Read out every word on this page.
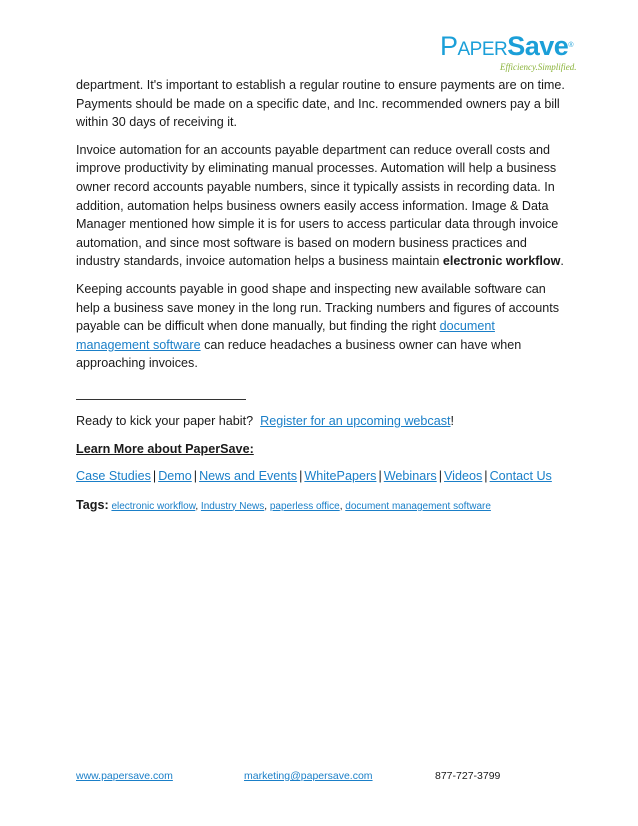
PaperSave®
Efficiency.Simplified.

department. It's important to establish a regular routine to ensure payments are on time. Payments should be made on a specific date, and Inc. recommended owners pay a bill within 30 days of receiving it.

Invoice automation for an accounts payable department can reduce overall costs and improve productivity by eliminating manual processes. Automation will help a business owner record accounts payable numbers, since it typically assists in recording data. In addition, automation helps business owners easily access information. Image & Data Manager mentioned how simple it is for users to access particular data through invoice automation, and since most software is based on modern business practices and industry standards, invoice automation helps a business maintain electronic workflow.

Keeping accounts payable in good shape and inspecting new available software can help a business save money in the long run. Tracking numbers and figures of accounts payable can be difficult when done manually, but finding the right document management software can reduce headaches a business owner can have when approaching invoices.

Ready to kick your paper habit?  Register for an upcoming webcast!

Learn More about PaperSave:

Case Studies | Demo | News and Events | WhitePapers | Webinars | Videos | Contact Us
Tags: electronic workflow, Industry News, paperless office, document management software
www.papersave.com	marketing@papersave.com	877-727-3799
